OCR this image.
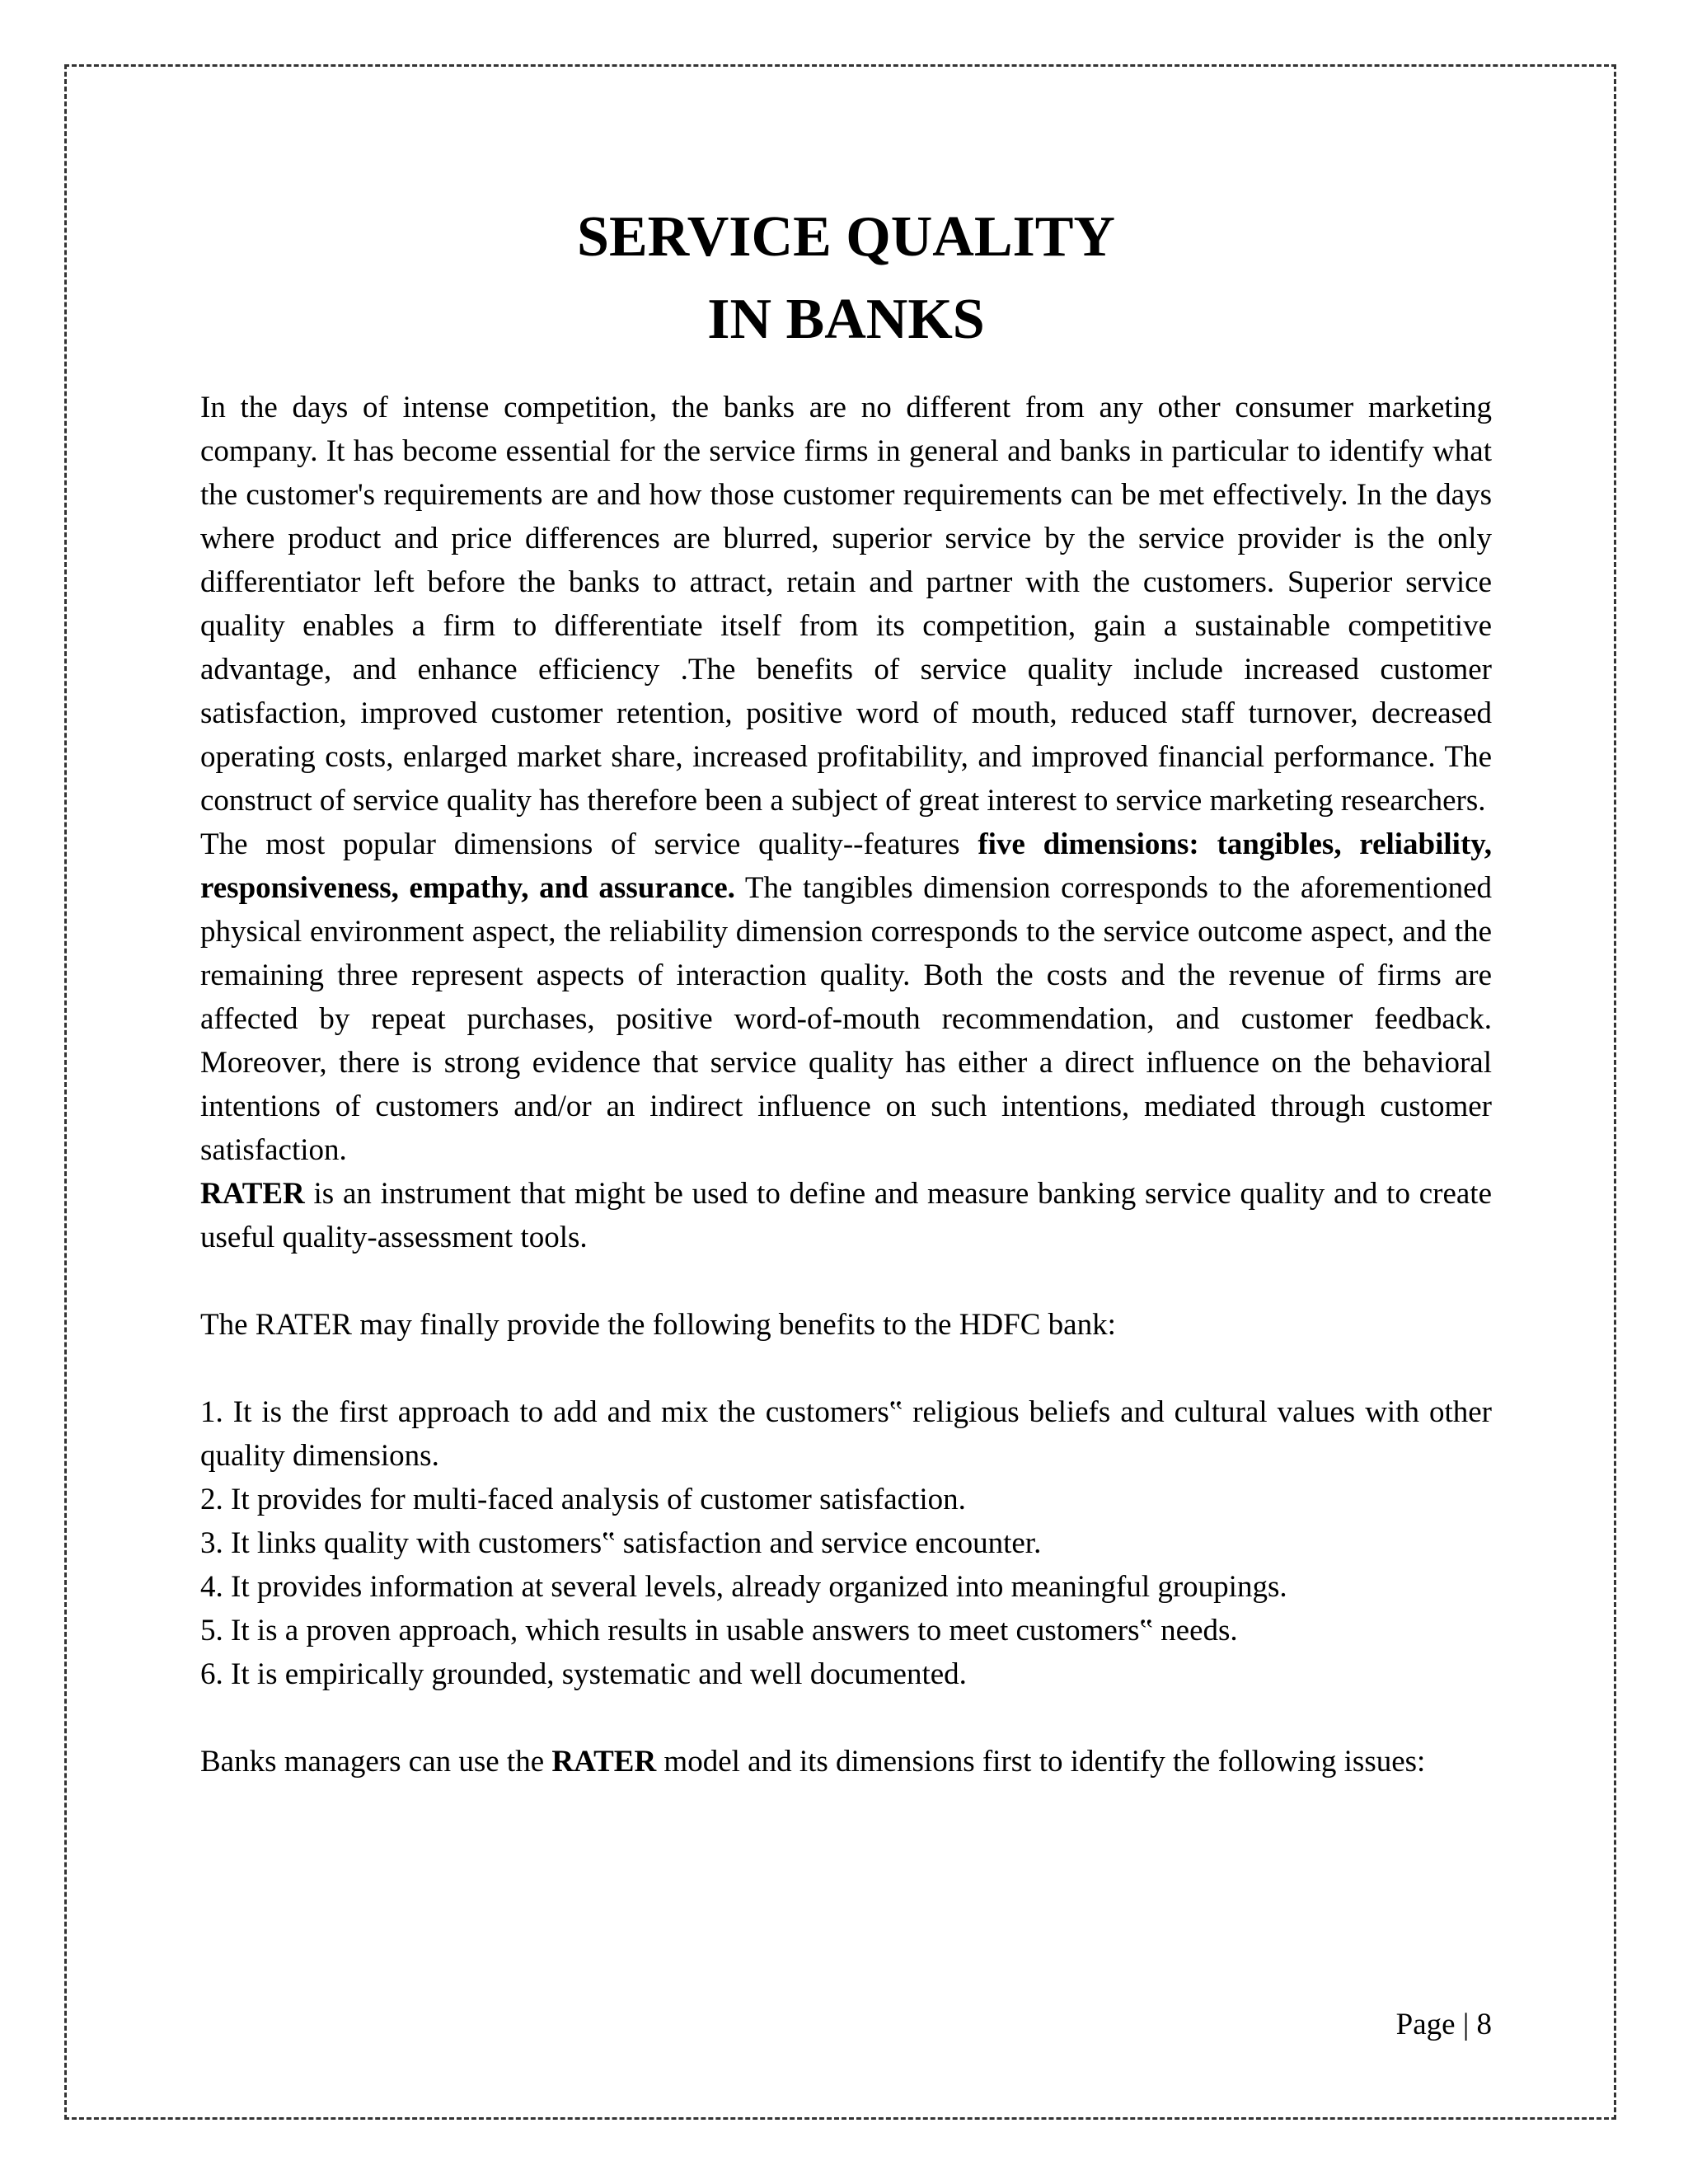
SERVICE QUALITY
IN BANKS

In the days of intense competition, the banks are no different from any other consumer marketing company. It has become essential for the service firms in general and banks in particular to identify what the customer's requirements are and how those customer requirements can be met effectively. In the days where product and price differences are blurred, superior service by the service provider is the only differentiator left before the banks to attract, retain and partner with the customers. Superior service quality enables a firm to differentiate itself from its competition, gain a sustainable competitive advantage, and enhance efficiency .The benefits of service quality include increased customer satisfaction, improved customer retention, positive word of mouth, reduced staff turnover, decreased operating costs, enlarged market share, increased profitability, and improved financial performance. The construct of service quality has therefore been a subject of great interest to service marketing researchers.

The most popular dimensions of service quality--features five dimensions: tangibles, reliability, responsiveness, empathy, and assurance. The tangibles dimension corresponds to the aforementioned physical environment aspect, the reliability dimension corresponds to the service outcome aspect, and the remaining three represent aspects of interaction quality. Both the costs and the revenue of firms are affected by repeat purchases, positive word-of-mouth recommendation, and customer feedback. Moreover, there is strong evidence that service quality has either a direct influence on the behavioral intentions of customers and/or an indirect influence on such intentions, mediated through customer satisfaction.

RATER is an instrument that might be used to define and measure banking service quality and to create useful quality-assessment tools.

The RATER may finally provide the following benefits to the HDFC bank:

1. It is the first approach to add and mix the customers‟ religious beliefs and cultural values with other quality dimensions.

2. It provides for multi-faced analysis of customer satisfaction.

3. It links quality with customers‟ satisfaction and service encounter.

4. It provides information at several levels, already organized into meaningful groupings.

5. It is a proven approach, which results in usable answers to meet customers‟ needs.

6. It is empirically grounded, systematic and well documented.

Banks managers can use the RATER model and its dimensions first to identify the following issues:

Page | 8
